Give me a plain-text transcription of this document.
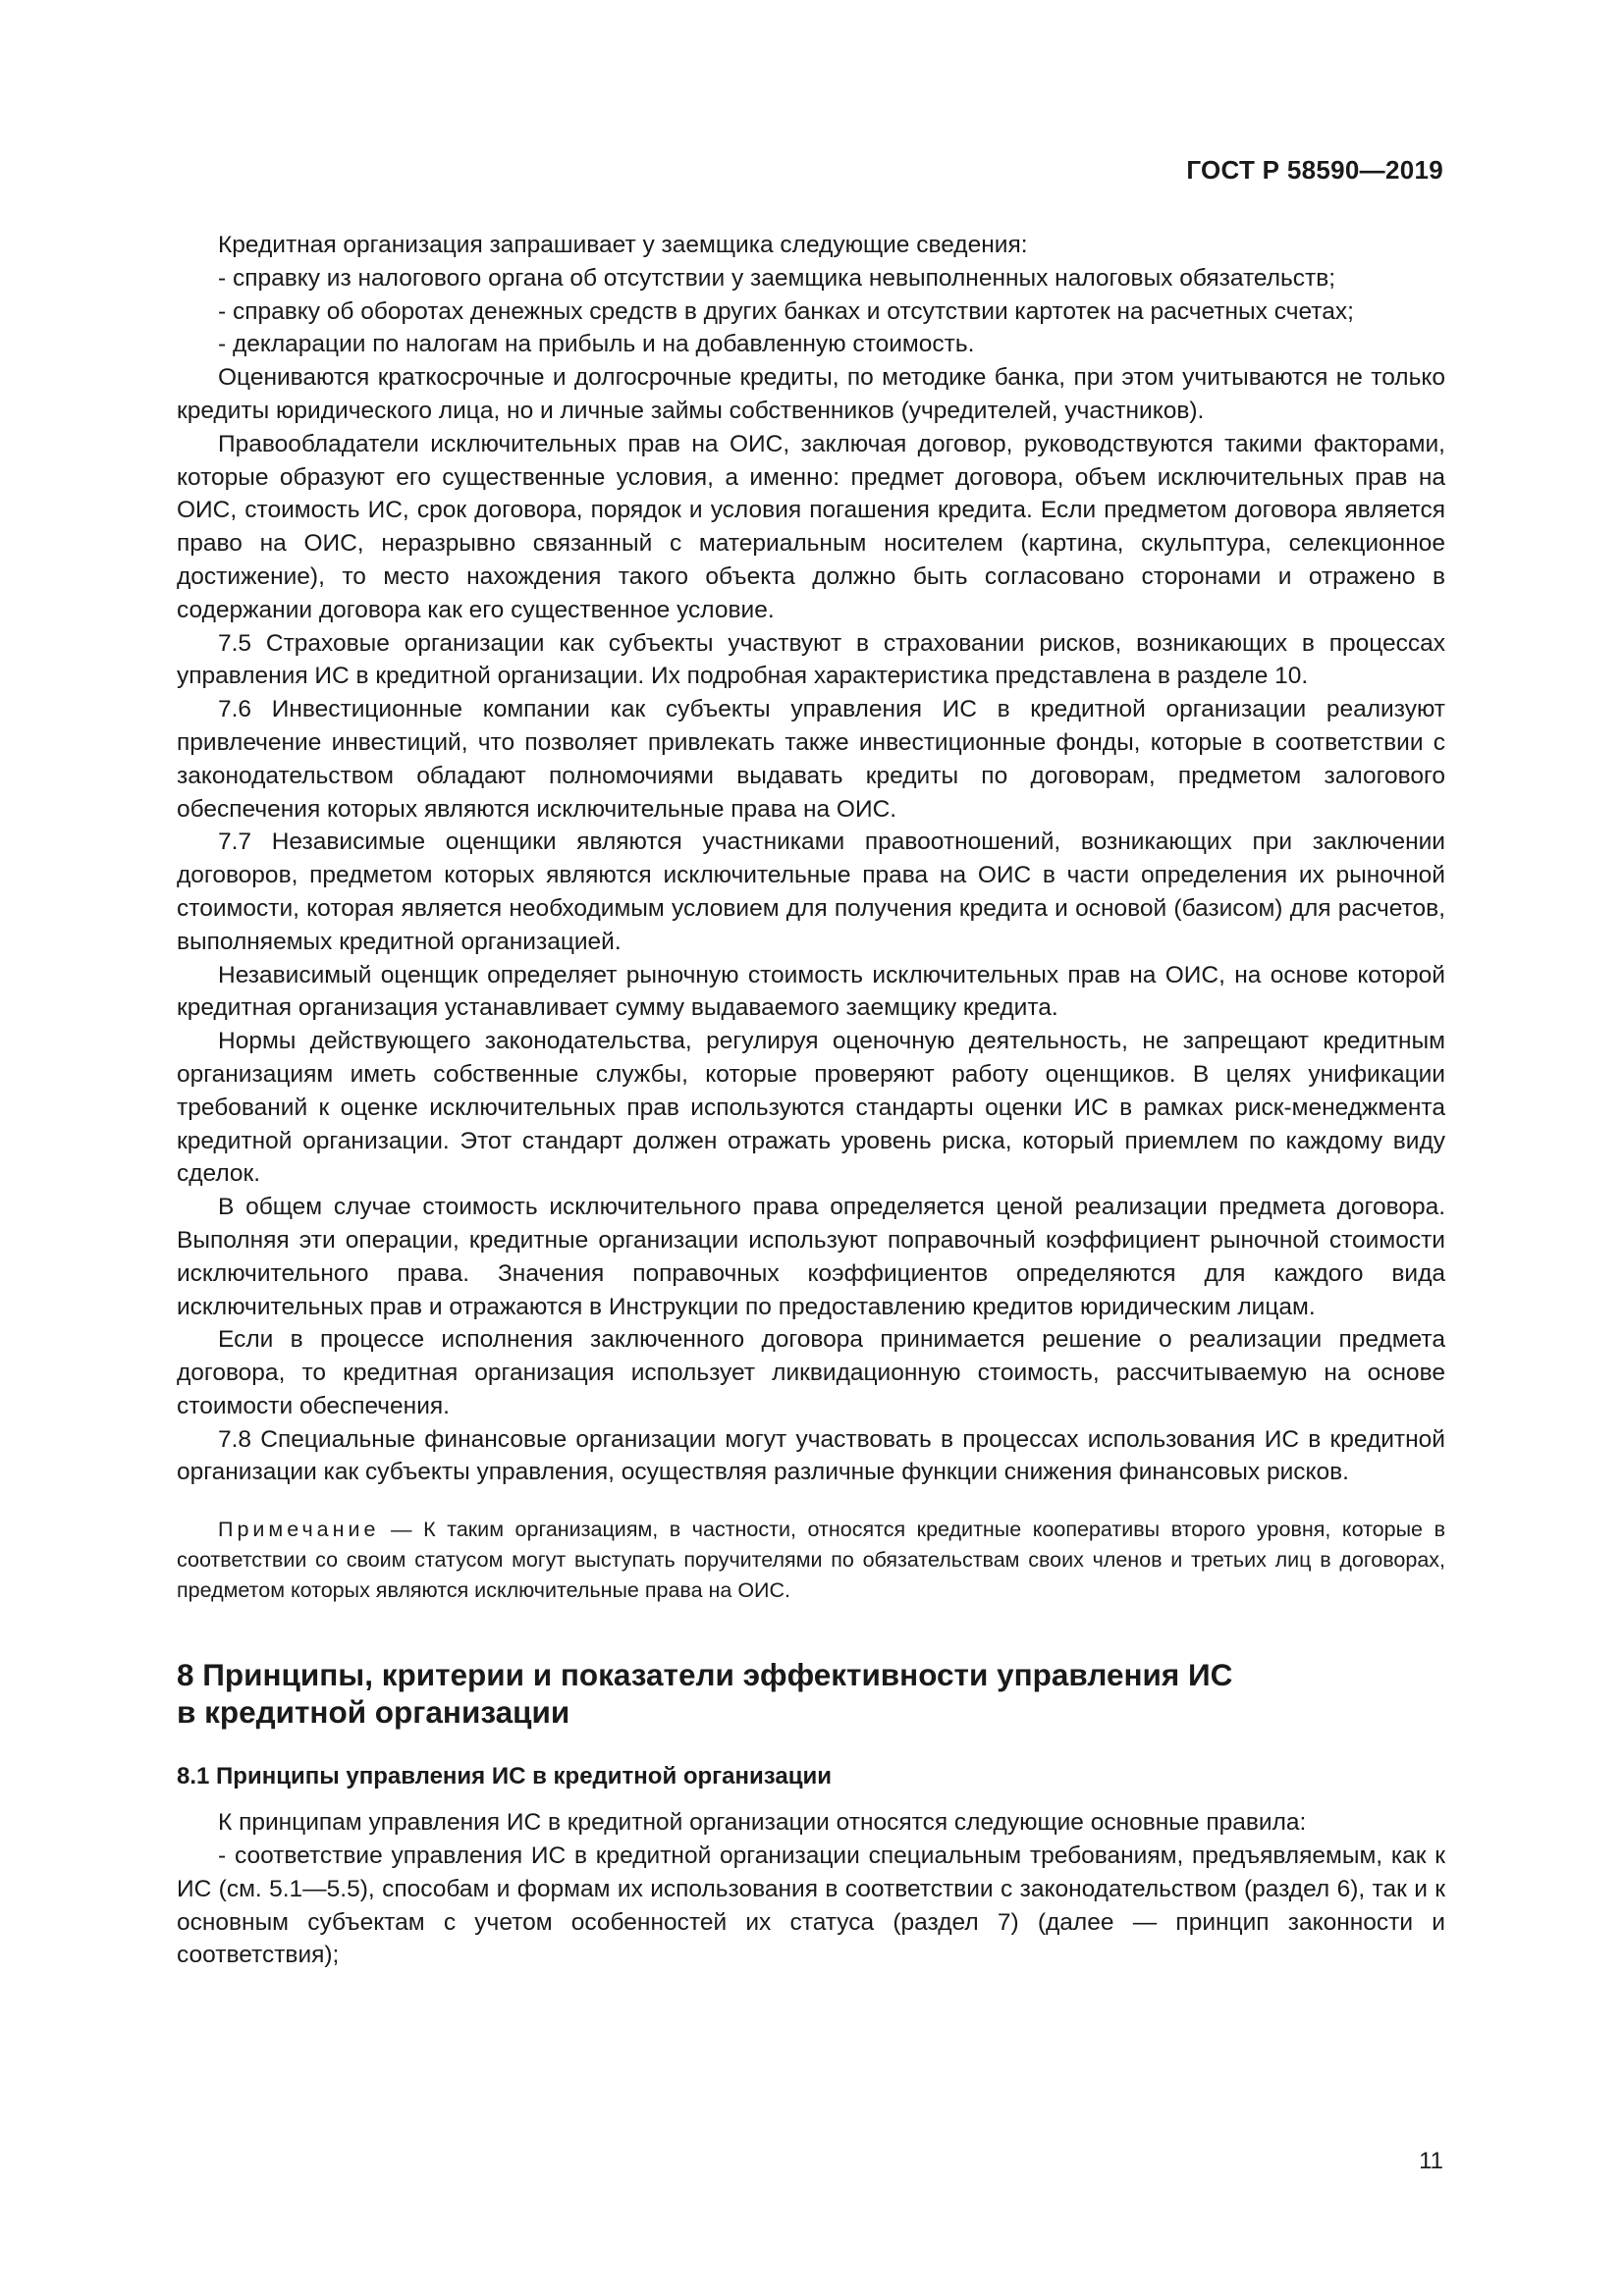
ГОСТ Р 58590—2019

Кредитная организация запрашивает у заемщика следующие сведения:

- справку из налогового органа об отсутствии у заемщика невыполненных налоговых обязательств;

- справку об оборотах денежных средств в других банках и отсутствии картотек на расчетных счетах;

- декларации по налогам на прибыль и на добавленную стоимость.

Оцениваются краткосрочные и долгосрочные кредиты, по методике банка, при этом учитываются не только кредиты юридического лица, но и личные займы собственников (учредителей, участников).

Правообладатели исключительных прав на ОИС, заключая договор, руководствуются такими факторами, которые образуют его существенные условия, а именно: предмет договора, объем исключительных прав на ОИС, стоимость ИС, срок договора, порядок и условия погашения кредита. Если предметом договора является право на ОИС, неразрывно связанный с материальным носителем (картина, скульптура, селекционное достижение), то место нахождения такого объекта должно быть согласовано сторонами и отражено в содержании договора как его существенное условие.

7.5 Страховые организации как субъекты участвуют в страховании рисков, возникающих в процессах управления ИС в кредитной организации. Их подробная характеристика представлена в разделе 10.

7.6 Инвестиционные компании как субъекты управления ИС в кредитной организации реализуют привлечение инвестиций, что позволяет привлекать также инвестиционные фонды, которые в соответствии с законодательством обладают полномочиями выдавать кредиты по договорам, предметом залогового обеспечения которых являются исключительные права на ОИС.

7.7 Независимые оценщики являются участниками правоотношений, возникающих при заключении договоров, предметом которых являются исключительные права на ОИС в части определения их рыночной стоимости, которая является необходимым условием для получения кредита и основой (базисом) для расчетов, выполняемых кредитной организацией.

Независимый оценщик определяет рыночную стоимость исключительных прав на ОИС, на основе которой кредитная организация устанавливает сумму выдаваемого заемщику кредита.

Нормы действующего законодательства, регулируя оценочную деятельность, не запрещают кредитным организациям иметь собственные службы, которые проверяют работу оценщиков. В целях унификации требований к оценке исключительных прав используются стандарты оценки ИС в рамках риск-менеджмента кредитной организации. Этот стандарт должен отражать уровень риска, который приемлем по каждому виду сделок.

В общем случае стоимость исключительного права определяется ценой реализации предмета договора. Выполняя эти операции, кредитные организации используют поправочный коэффициент рыночной стоимости исключительного права. Значения поправочных коэффициентов определяются для каждого вида исключительных прав и отражаются в Инструкции по предоставлению кредитов юридическим лицам.

Если в процессе исполнения заключенного договора принимается решение о реализации предмета договора, то кредитная организация использует ликвидационную стоимость, рассчитываемую на основе стоимости обеспечения.

7.8 Специальные финансовые организации могут участвовать в процессах использования ИС в кредитной организации как субъекты управления, осуществляя различные функции снижения финансовых рисков.

Примечание — К таким организациям, в частности, относятся кредитные кооперативы второго уровня, которые в соответствии со своим статусом могут выступать поручителями по обязательствам своих членов и третьих лиц в договорах, предметом которых являются исключительные права на ОИС.

8 Принципы, критерии и показатели эффективности управления ИС
в кредитной организации
8.1 Принципы управления ИС в кредитной организации

К принципам управления ИС в кредитной организации относятся следующие основные правила:

- соответствие управления ИС в кредитной организации специальным требованиям, предъявляемым, как к ИС (см. 5.1—5.5), способам и формам их использования в соответствии с законодательством (раздел 6), так и к основным субъектам с учетом особенностей их статуса (раздел 7) (далее — принцип законности и соответствия);

11
